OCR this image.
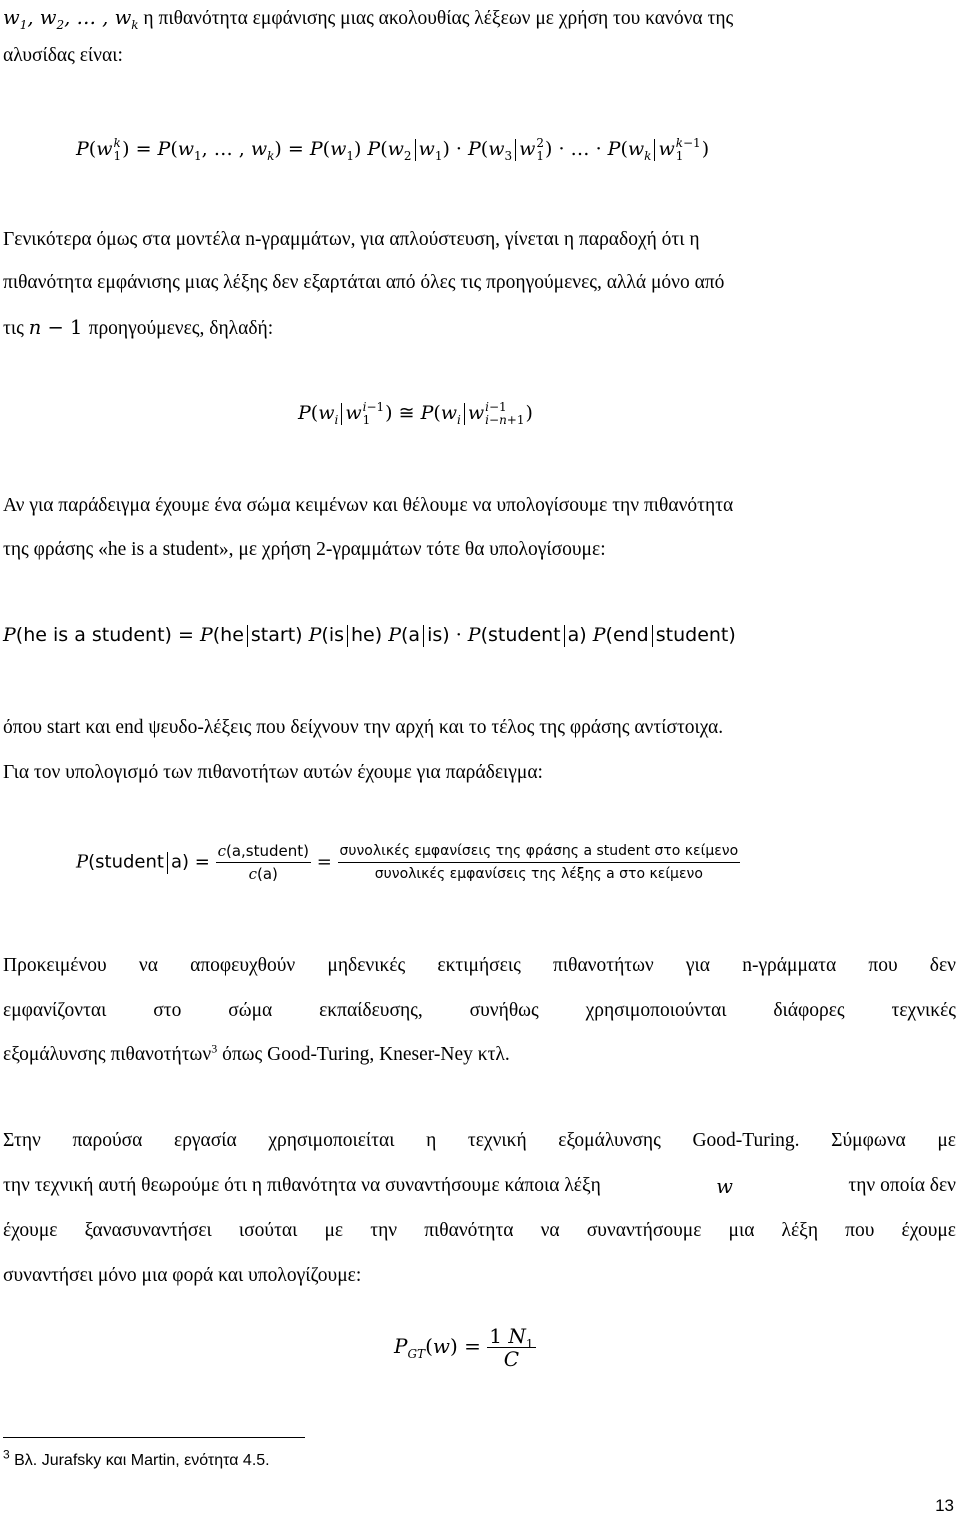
$w_1$, $w_2$, … , $w_k$ η πιθανότητα εμφάνισης μιας ακολουθίας λέξεων με χρήση του κανόνα της
αλυσίδας είναι:
P(w k
1 ) = $P(w_1$, … , $w_k) = P(w_1)$ $P(w_2$ $w_1) \cdot P(w_3$ w 2
1 ) · … · $P(w_k$ w k−1
1 )
Γενικότερα όμως στα μοντέλα n-γραμμάτων, για απλούστευση, γίνεται η παραδοχή ότι η
πιθανότητα εμφάνισης μιας λέξης δεν εξαρτάται από όλες τις προηγούμενες, αλλά μόνο από
τις n − 1 προηγούμενες, δηλαδή:
$P(w_i$ w i−1
1 ) ≅ $P(w_i$ w i−1
i−n+1 )
Αν για παράδειγμα έχουμε ένα σώμα κειμένων και θέλουμε να υπολογίσουμε την πιθανότητα
της φράσης «he is a student», με χρήση 2-γραμμάτων τότε θα υπολογίσουμε:
P(he is a student) = P(he start) P(is he) P(a is) · P(student a) P(end student)
όπου start και end ψευδο-λέξεις που δείχνουν την αρχή και το τέλος της φράσης αντίστοιχα.
Για τον υπολογισμό των πιθανοτήτων αυτών έχουμε για παράδειγμα:
P(student $a) = \frac{\text{c(a,student)}}{c(a)} = \frac{\text{συνολικές εμφανίσεις της φράσης a student στο κείμενο}}{\text{συνολικές εμφανίσεις της λέξης a στο κείμενο}}$
Προκειμένου να αποφευχθούν μηδενικές εκτιμήσεις πιθανοτήτων για n-γράμματα που δεν
εμφανίζονται στο σώμα εκπαίδευσης, συνήθως χρησιμοποιούνται διάφορες τεχνικές
εξομάλυνσης πιθανοτήτων$^3$ όπως Good-Turing, Kneser-Ney κτλ.
Στην παρούσα εργασία χρησιμοποιείται η τεχνική εξομάλυνσης Good-Turing. Σύμφωνα με
την τεχνική αυτή θεωρούμε ότι η πιθανότητα να συναντήσουμε κάποια λέξη	w	την οποία δεν
έχουμε ξανασυναντήσει ισούται με την πιθανότητα να συναντήσουμε μια λέξη που έχουμε
συναντήσει μόνο μια φορά και υπολογίζουμε:
$P_{GT}(w) = \frac{1 N_1}{C}$
$^3$ Βλ. Jurafsky και Martin, ενότητα 4.5.
13
